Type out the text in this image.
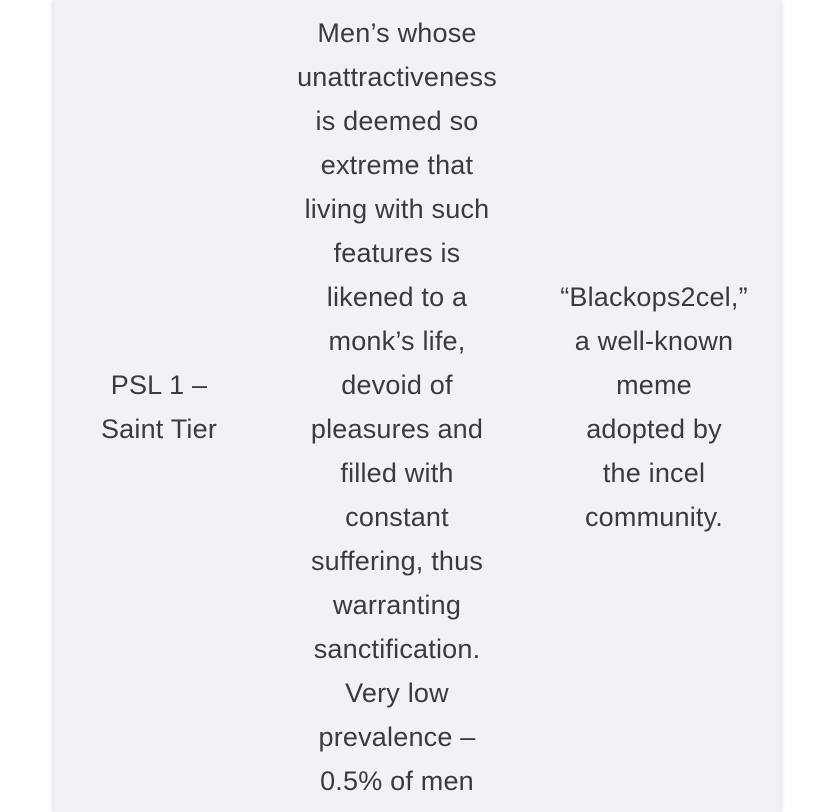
PSL 1 –
Saint Tier
Men’s whose
unattractiveness
is deemed so
extreme that
living with such
features is
likened to a
monk’s life,
devoid of
pleasures and
filled with
constant
suffering, thus
warranting
sanctification.
Very low
prevalence –
0.5% of men
“Blackops2cel,”
a well-known
meme
adopted by
the incel
community.
